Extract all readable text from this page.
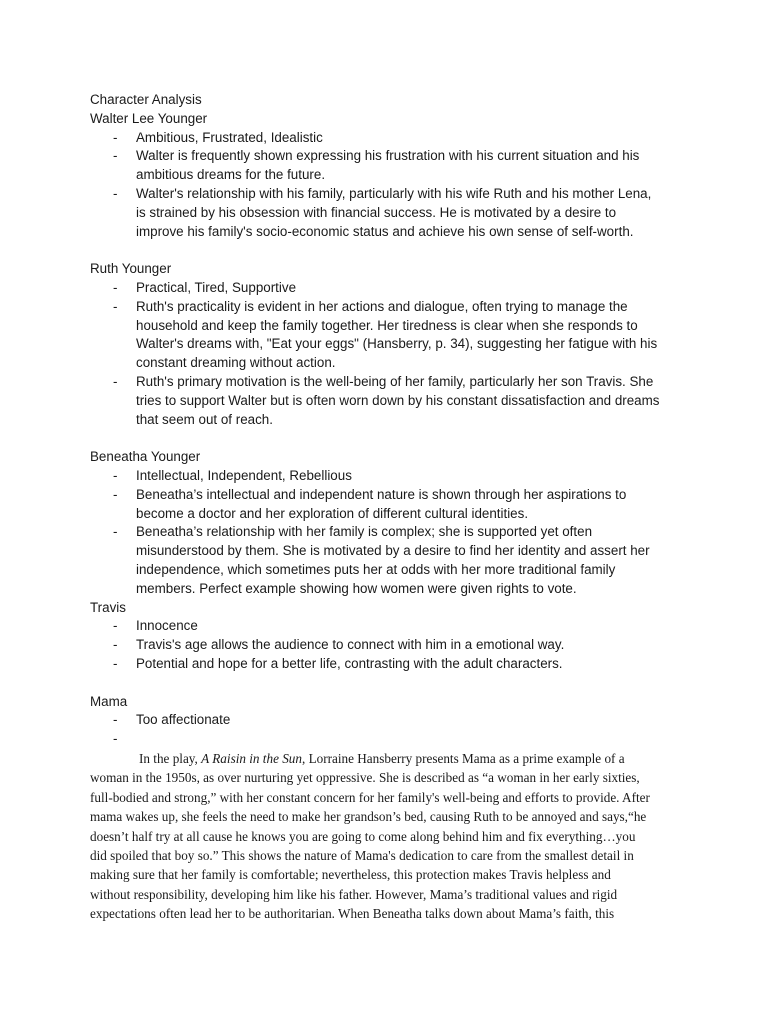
Character Analysis

Walter Lee Younger

- Ambitious, Frustrated, Idealistic
- Walter is frequently shown expressing his frustration with his current situation and his
ambitious dreams for the future.
- Walter's relationship with his family, particularly with his wife Ruth and his mother Lena,
is strained by his obsession with financial success. He is motivated by a desire to
improve his family's socio-economic status and achieve his own sense of self-worth.

Ruth Younger

- Practical, Tired, Supportive
- Ruth's practicality is evident in her actions and dialogue, often trying to manage the
household and keep the family together. Her tiredness is clear when she responds to
Walter's dreams with, "Eat your eggs" (Hansberry, p. 34), suggesting her fatigue with his
constant dreaming without action.
- Ruth's primary motivation is the well-being of her family, particularly her son Travis. She
tries to support Walter but is often worn down by his constant dissatisfaction and dreams
that seem out of reach.

Beneatha Younger

- Intellectual, Independent, Rebellious
- Beneatha’s intellectual and independent nature is shown through her aspirations to
become a doctor and her exploration of different cultural identities.
- Beneatha’s relationship with her family is complex; she is supported yet often
misunderstood by them. She is motivated by a desire to find her identity and assert her
independence, which sometimes puts her at odds with her more traditional family
members. Perfect example showing how women were given rights to vote.

Travis

- Innocence
- Travis's age allows the audience to connect with him in a emotional way.
- Potential and hope for a better life, contrasting with the adult characters.

Mama

- Too affectionate
-

In the play, A Raisin in the Sun, Lorraine Hansberry presents Mama as a prime example of a
woman in the 1950s, as over nurturing yet oppressive. She is described as “a woman in her early sixties,
full-bodied and strong,” with her constant concern for her family's well-being and efforts to provide. After
mama wakes up, she feels the need to make her grandson’s bed, causing Ruth to be annoyed and says,“he
doesn’t half try at all cause he knows you are going to come along behind him and fix everything…you
did spoiled that boy so.” This shows the nature of Mama's dedication to care from the smallest detail in
making sure that her family is comfortable; nevertheless, this protection makes Travis helpless and
without responsibility, developing him like his father. However, Mama’s traditional values and rigid
expectations often lead her to be authoritarian. When Beneatha talks down about Mama’s faith, this
